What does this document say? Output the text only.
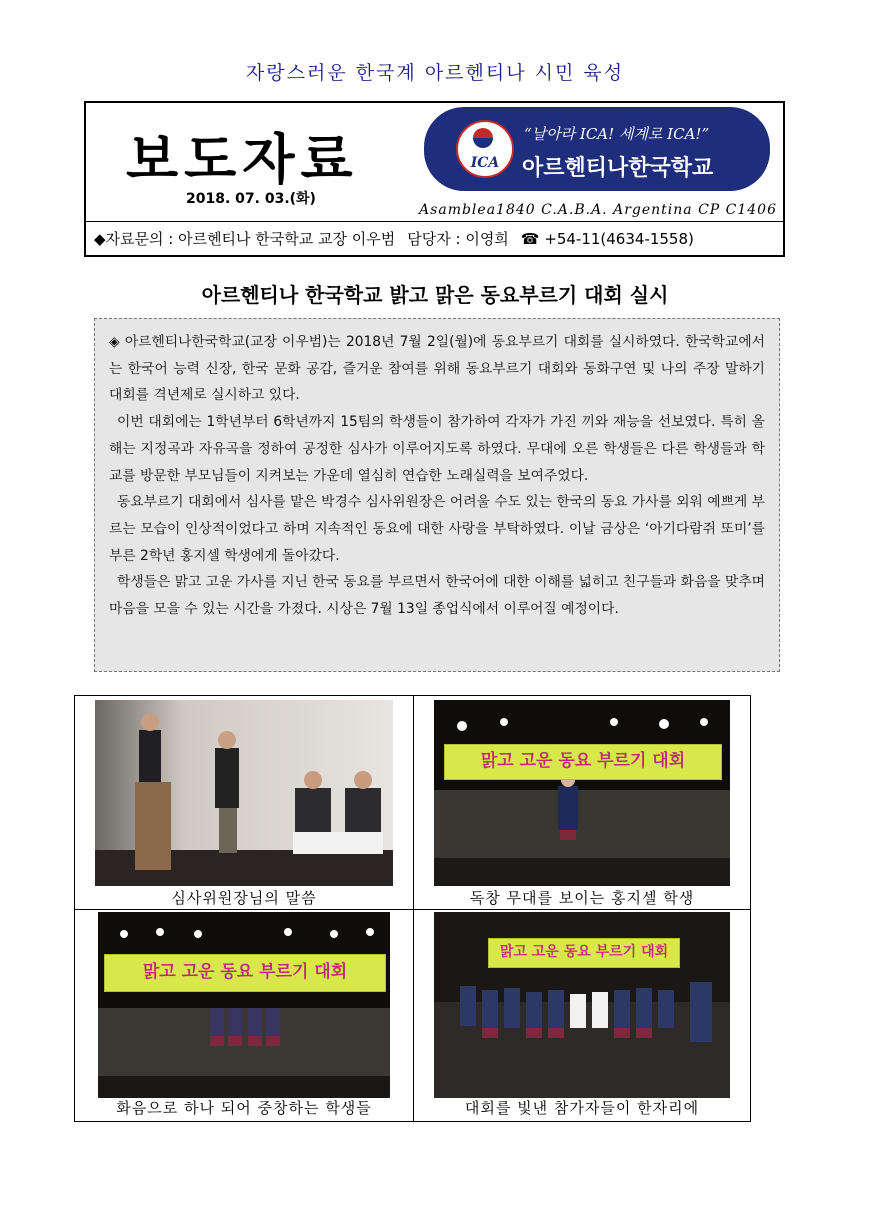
자랑스러운 한국계 아르헨티나 시민 육성
보도자료
2018. 07. 03.(화)
ICA
“날아라 ICA! 세계로 ICA!”
아르헨티나한국학교
Asamblea1840 C.A.B.A. Argentina CP C1406
◆자료문의 : 아르헨티나 한국학교 교장 이우범 담당자 : 이영희 ☎ +54-11(4634-1558)
아르헨티나 한국학교 밝고 맑은 동요부르기 대회 실시

◈ 아르헨티나한국학교(교장 이우범)는 2018년 7월 2일(월)에 동요부르기 대회를 실시하였다. 한국학교에서는 한국어 능력 신장, 한국 문화 공감, 즐거운 참여를 위해 동요부르기 대회와 동화구연 및 나의 주장 말하기 대회를 격년제로 실시하고 있다.

이번 대회에는 1학년부터 6학년까지 15팀의 학생들이 참가하여 각자가 가진 끼와 재능을 선보였다. 특히 올해는 지정곡과 자유곡을 정하여 공정한 심사가 이루어지도록 하였다. 무대에 오른 학생들은 다른 학생들과 학교를 방문한 부모님들이 지켜보는 가운데 열심히 연습한 노래실력을 보여주었다.

동요부르기 대회에서 심사를 맡은 박경수 심사위원장은 어려울 수도 있는 한국의 동요 가사를 외워 예쁘게 부르는 모습이 인상적이었다고 하며 지속적인 동요에 대한 사랑을 부탁하였다. 이날 금상은 ‘아기다람쥐 또미’를 부른 2학년 홍지셀 학생에게 돌아갔다.

학생들은 맑고 고운 가사를 지닌 한국 동요를 부르면서 한국어에 대한 이해를 넓히고 친구들과 화음을 맞추며 마음을 모을 수 있는 시간을 가졌다. 시상은 7월 13일 종업식에서 이루어질 예정이다.

심사위원장님의 말씀
맑고 고운 동요 부르기 대회
독창 무대를 보이는 홍지셀 학생
맑고 고운 동요 부르기 대회
화음으로 하나 되어 중창하는 학생들
맑고 고운 동요 부르기 대회
대회를 빛낸 참가자들이 한자리에
